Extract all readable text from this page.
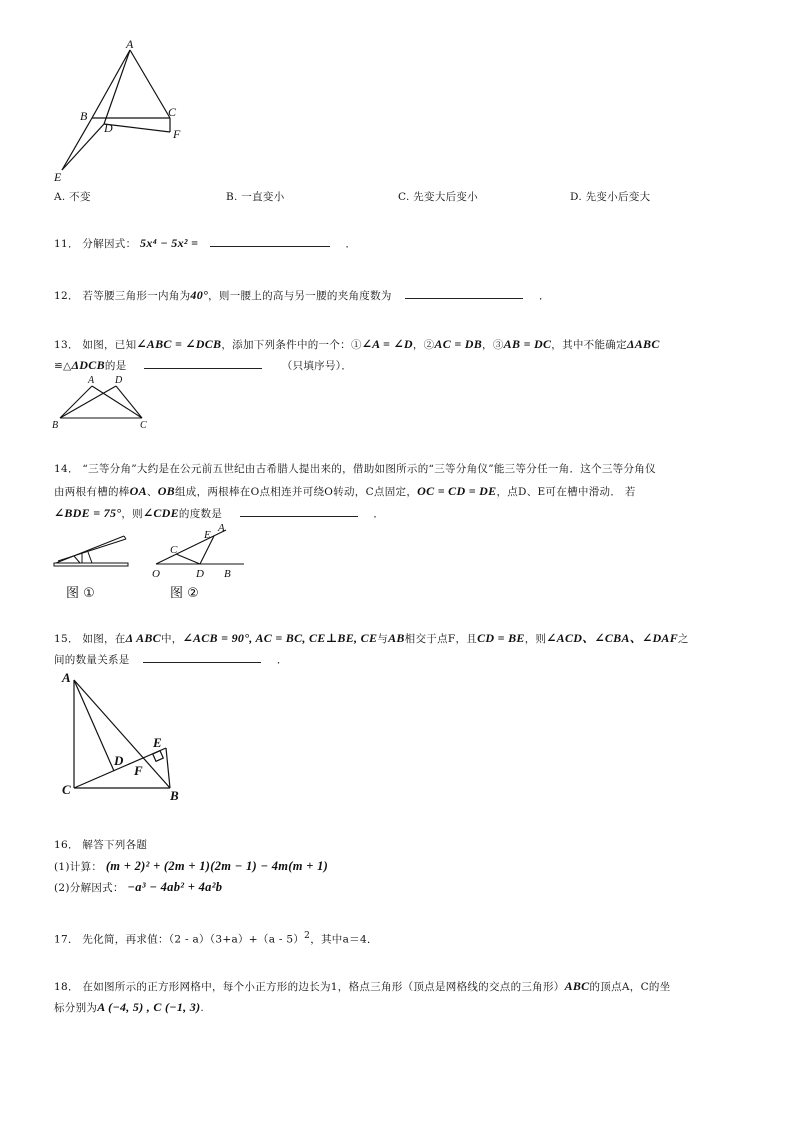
A
B	C
D	F
E
A. 不变	B. 一直变小	C. 先变大后变小	D. 先变小后变大
11． 分解因式： 5x⁴ − 5x² =	．
12． 若等腰三角形一内角为40°，则一腰上的高与另一腰的夹角度数为	．
13． 如图，已知∠ABC = ∠DCB，添加下列条件中的一个：①∠A = ∠D，②AC = DB，③AB = DC，其中不能确定ΔABC
≌△ΔDCB的是	（只填序号）．
A D
B	C
14． “三等分角”大约是在公元前五世纪由古希腊人提出来的，借助如图所示的“三等分角仪”能三等分任一角．这个三等分角仪
由两根有槽的棒OA、OB组成，两根棒在O点相连并可绕O转动，C点固定，OC = CD = DE，点D、E可在槽中滑动． 若
∠BDE = 75°，则∠CDE的度数是	．
图 ①
E
A
C
O	D B
图 ②
15． 如图，在Δ ABC中，∠ACB = 90°, AC = BC, CE⊥BE, CE与AB相交于点F，且CD = BE，则∠ACD、∠CBA、∠DAF之
间的数量关系是	．
A
E
D
F
C	B
16． 解答下列各题
(1)计算： (m + 2)² + (2m + 1)(2m − 1) − 4m(m + 1)
(2)分解因式： −a³ − 4ab² + 4a²b
17． 先化简，再求值：（2 - a）（3+a）+（a - 5）$^2$，其中a＝4．
18． 在如图所示的正方形网格中，每个小正方形的边长为1，格点三角形（顶点是网格线的交点的三角形）ABC的顶点A，C的坐
标分别为A (−4, 5) , C (−1, 3).
